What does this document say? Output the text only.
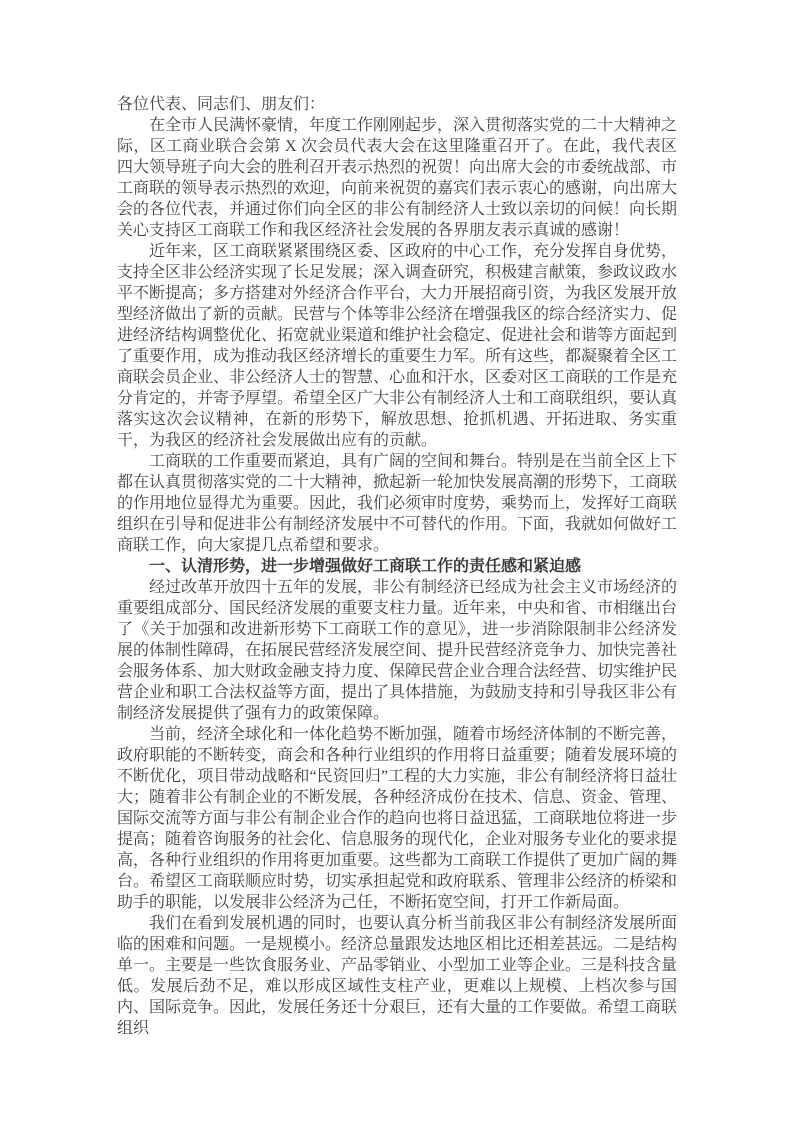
各位代表、同志们、朋友们：

在全市人民满怀豪情，年度工作刚刚起步，深入贯彻落实党的二十大精神之际，区工商业联合会第 X 次会员代表大会在这里隆重召开了。在此，我代表区四大领导班子向大会的胜利召开表示热烈的祝贺！向出席大会的市委统战部、市工商联的领导表示热烈的欢迎，向前来祝贺的嘉宾们表示衷心的感谢，向出席大会的各位代表，并通过你们向全区的非公有制经济人士致以亲切的问候！向长期关心支持区工商联工作和我区经济社会发展的各界朋友表示真诚的感谢！

近年来，区工商联紧紧围绕区委、区政府的中心工作，充分发挥自身优势，支持全区非公经济实现了长足发展；深入调查研究，积极建言献策，参政议政水平不断提高；多方搭建对外经济合作平台，大力开展招商引资，为我区发展开放型经济做出了新的贡献。民营与个体等非公经济在增强我区的综合经济实力、促进经济结构调整优化、拓宽就业渠道和维护社会稳定、促进社会和谐等方面起到了重要作用，成为推动我区经济增长的重要生力军。所有这些，都凝聚着全区工商联会员企业、非公经济人士的智慧、心血和汗水，区委对区工商联的工作是充分肯定的，并寄予厚望。希望全区广大非公有制经济人士和工商联组织，要认真落实这次会议精神，在新的形势下，解放思想、抢抓机遇、开拓进取、务实重干，为我区的经济社会发展做出应有的贡献。

工商联的工作重要而紧迫，具有广阔的空间和舞台。特别是在当前全区上下都在认真贯彻落实党的二十大精神，掀起新一轮加快发展高潮的形势下，工商联的作用地位显得尤为重要。因此，我们必须审时度势，乘势而上，发挥好工商联组织在引导和促进非公有制经济发展中不可替代的作用。下面，我就如何做好工商联工作，向大家提几点希望和要求。

一、认清形势，进一步增强做好工商联工作的责任感和紧迫感

经过改革开放四十五年的发展，非公有制经济已经成为社会主义市场经济的重要组成部分、国民经济发展的重要支柱力量。近年来，中央和省、市相继出台了《关于加强和改进新形势下工商联工作的意见》，进一步消除限制非公经济发展的体制性障碍，在拓展民营经济发展空间、提升民营经济竞争力、加快完善社会服务体系、加大财政金融支持力度、保障民营企业合理合法经营、切实维护民营企业和职工合法权益等方面，提出了具体措施，为鼓励支持和引导我区非公有制经济发展提供了强有力的政策保障。

当前，经济全球化和一体化趋势不断加强，随着市场经济体制的不断完善，政府职能的不断转变，商会和各种行业组织的作用将日益重要；随着发展环境的不断优化，项目带动战略和“民资回归”工程的大力实施，非公有制经济将日益壮大；随着非公有制企业的不断发展，各种经济成份在技术、信息、资金、管理、国际交流等方面与非公有制企业合作的趋向也将日益迅猛，工商联地位将进一步提高；随着咨询服务的社会化、信息服务的现代化，企业对服务专业化的要求提高，各种行业组织的作用将更加重要。这些都为工商联工作提供了更加广阔的舞台。希望区工商联顺应时势，切实承担起党和政府联系、管理非公经济的桥梁和助手的职能，以发展非公经济为己任，不断拓宽空间，打开工作新局面。

我们在看到发展机遇的同时，也要认真分析当前我区非公有制经济发展所面临的困难和问题。一是规模小。经济总量跟发达地区相比还相差甚远。二是结构单一。主要是一些饮食服务业、产品零销业、小型加工业等企业。三是科技含量低。发展后劲不足，难以形成区域性支柱产业，更难以上规模、上档次参与国内、国际竞争。因此，发展任务还十分艰巨，还有大量的工作要做。希望工商联组织
